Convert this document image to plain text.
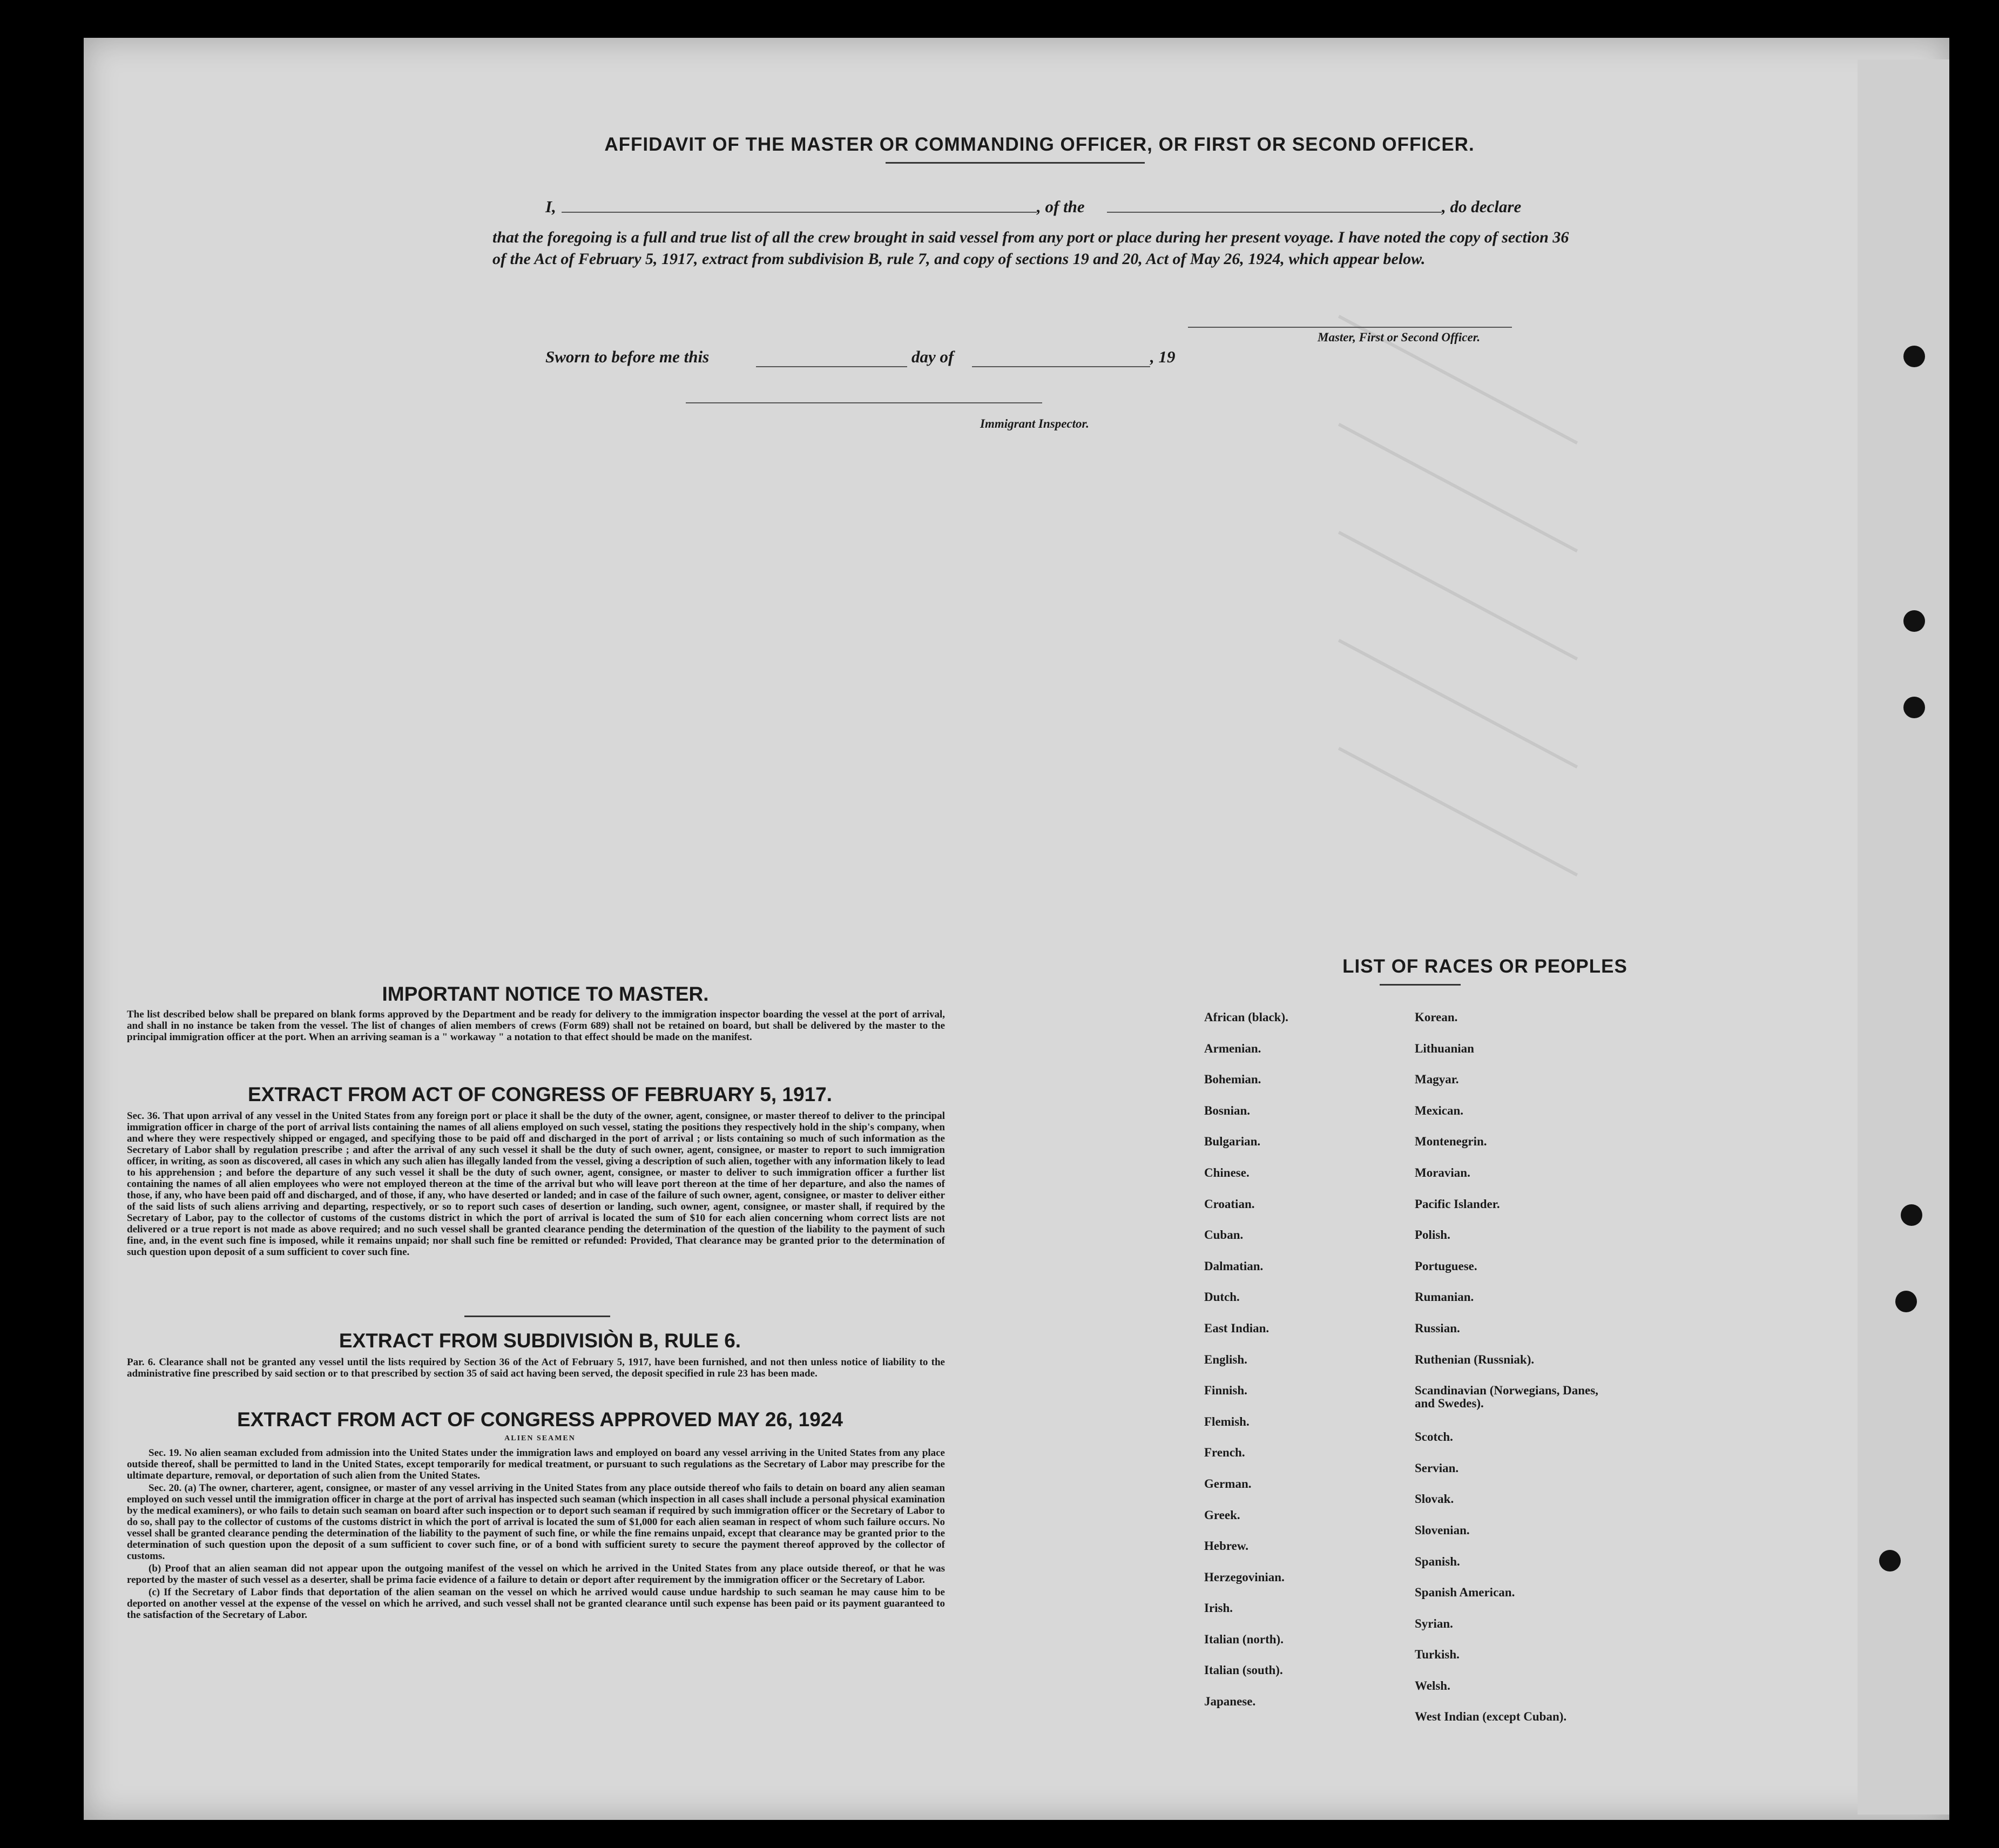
AFFIDAVIT OF THE MASTER OR COMMANDING OFFICER, OR FIRST OR SECOND OFFICER.
I,	, of the	, do declare
that the foregoing is a full and true list of all the crew brought in said vessel from any port or place during her present voyage. I have noted the copy of section 36 of the Act of February 5, 1917, extract from subdivision B, rule 7, and copy of sections 19 and 20, Act of May 26, 1924, which appear below.
Master, First or Second Officer.
Sworn to before me this	day of	, 19
Immigrant Inspector.
IMPORTANT NOTICE TO MASTER.
The list described below shall be prepared on blank forms approved by the Department and be ready for delivery to the immigration inspector boarding the vessel at the port of arrival, and shall in no instance be taken from the vessel. The list of changes of alien members of crews (Form 689) shall not be retained on board, but shall be delivered by the master to the principal immigration officer at the port. When an arriving seaman is a " workaway " a notation to that effect should be made on the manifest.
EXTRACT FROM ACT OF CONGRESS OF FEBRUARY 5, 1917.
Sec. 36. That upon arrival of any vessel in the United States from any foreign port or place it shall be the duty of the owner, agent, consignee, or master thereof to deliver to the principal immigration officer in charge of the port of arrival lists containing the names of all aliens employed on such vessel, stating the positions they respectively hold in the ship's company, when and where they were respectively shipped or engaged, and specifying those to be paid off and discharged in the port of arrival ; or lists containing so much of such information as the Secretary of Labor shall by regulation prescribe ; and after the arrival of any such vessel it shall be the duty of such owner, agent, consignee, or master to report to such immigration officer, in writing, as soon as discovered, all cases in which any such alien has illegally landed from the vessel, giving a description of such alien, together with any information likely to lead to his apprehension ; and before the departure of any such vessel it shall be the duty of such owner, agent, consignee, or master to deliver to such immigration officer a further list containing the names of all alien employees who were not employed thereon at the time of the arrival but who will leave port thereon at the time of her departure, and also the names of those, if any, who have been paid off and discharged, and of those, if any, who have deserted or landed; and in case of the failure of such owner, agent, consignee, or master to deliver either of the said lists of such aliens arriving and departing, respectively, or so to report such cases of desertion or landing, such owner, agent, consignee, or master shall, if required by the Secretary of Labor, pay to the collector of customs of the customs district in which the port of arrival is located the sum of $10 for each alien concerning whom correct lists are not delivered or a true report is not made as above required; and no such vessel shall be granted clearance pending the determination of the question of the liability to the payment of such fine, and, in the event such fine is imposed, while it remains unpaid; nor shall such fine be remitted or refunded: Provided, That clearance may be granted prior to the determination of such question upon deposit of a sum sufficient to cover such fine.
EXTRACT FROM SUBDIVISIÒN B, RULE 6.
Par. 6. Clearance shall not be granted any vessel until the lists required by Section 36 of the Act of February 5, 1917, have been furnished, and not then unless notice of liability to the administrative fine prescribed by said section or to that prescribed by section 35 of said act having been served, the deposit specified in rule 23 has been made.
EXTRACT FROM ACT OF CONGRESS APPROVED MAY 26, 1924
ALIEN SEAMEN

Sec. 19. No alien seaman excluded from admission into the United States under the immigration laws and employed on board any vessel arriving in the United States from any place outside thereof, shall be permitted to land in the United States, except temporarily for medical treatment, or pursuant to such regulations as the Secretary of Labor may prescribe for the ultimate departure, removal, or deportation of such alien from the United States.

Sec. 20. (a) The owner, charterer, agent, consignee, or master of any vessel arriving in the United States from any place outside thereof who fails to detain on board any alien seaman employed on such vessel until the immigration officer in charge at the port of arrival has inspected such seaman (which inspection in all cases shall include a personal physical examination by the medical examiners), or who fails to detain such seaman on board after such inspection or to deport such seaman if required by such immigration officer or the Secretary of Labor to do so, shall pay to the collector of customs of the customs district in which the port of arrival is located the sum of $1,000 for each alien seaman in respect of whom such failure occurs. No vessel shall be granted clearance pending the determination of the liability to the payment of such fine, or while the fine remains unpaid, except that clearance may be granted prior to the determination of such question upon the deposit of a sum sufficient to cover such fine, or of a bond with sufficient surety to secure the payment thereof approved by the collector of customs.

(b) Proof that an alien seaman did not appear upon the outgoing manifest of the vessel on which he arrived in the United States from any place outside thereof, or that he was reported by the master of such vessel as a deserter, shall be prima facie evidence of a failure to detain or deport after requirement by the immigration officer or the Secretary of Labor.

(c) If the Secretary of Labor finds that deportation of the alien seaman on the vessel on which he arrived would cause undue hardship to such seaman he may cause him to be deported on another vessel at the expense of the vessel on which he arrived, and such vessel shall not be granted clearance until such expense has been paid or its payment guaranteed to the satisfaction of the Secretary of Labor.

LIST OF RACES OR PEOPLES
African (black).
Armenian.
Bohemian.
Bosnian.
Bulgarian.
Chinese.
Croatian.
Cuban.
Dalmatian.
Dutch.
East Indian.
English.
Finnish.
Flemish.
French.
German.
Greek.
Hebrew.
Herzegovinian.
Irish.
Italian (north).
Italian (south).
Japanese.
Korean.
Lithuanian
Magyar.
Mexican.
Montenegrin.
Moravian.
Pacific Islander.
Polish.
Portuguese.
Rumanian.
Russian.
Ruthenian (Russniak).
Scandinavian (Norwegians, Danes, and Swedes).
Scotch.
Servian.
Slovak.
Slovenian.
Spanish.
Spanish American.
Syrian.
Turkish.
Welsh.
West Indian (except Cuban).
